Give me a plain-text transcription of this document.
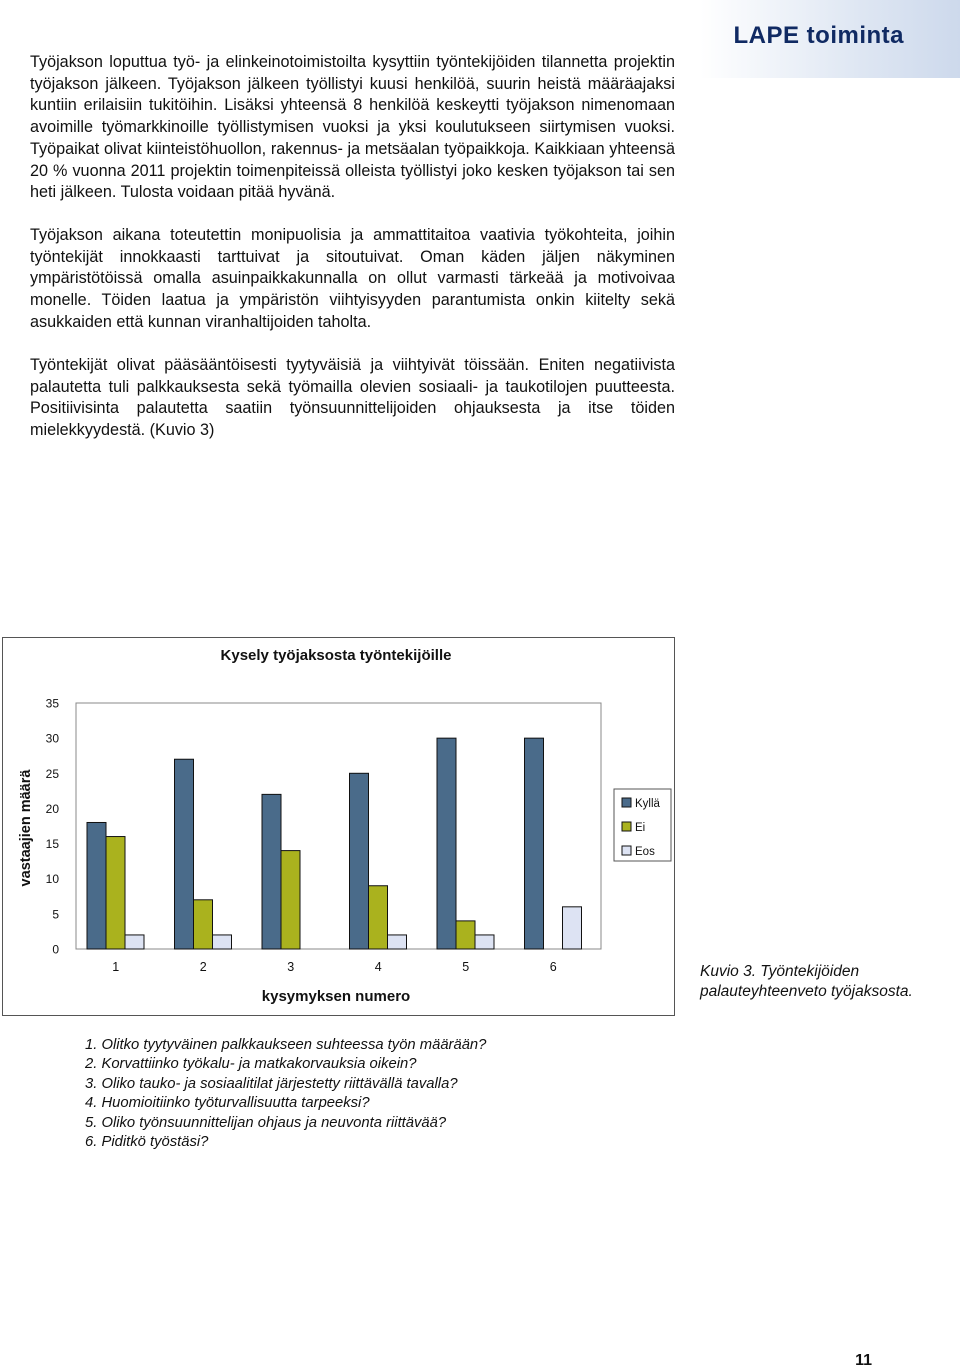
LAPE toiminta

Työjakson loputtua työ- ja elinkeinotoimistoilta kysyttiin työntekijöiden tilannetta projektin työjakson jälkeen. Työjakson jälkeen työllistyi kuusi henkilöä, suurin heistä määräajaksi kuntiin erilaisiin tukitöihin. Lisäksi yhteensä 8 henkilöä keskeytti työjakson nimenomaan avoimille työmarkkinoille työllistymisen vuoksi ja yksi koulutukseen siirtymisen vuoksi. Työpaikat olivat kiinteistöhuollon, rakennus- ja metsäalan työpaikkoja. Kaikkiaan yhteensä 20 % vuonna 2011 projektin toimenpiteissä olleista työllistyi joko kesken työjakson tai sen heti jälkeen. Tulosta voidaan pitää hyvänä.

Työjakson aikana toteutettin monipuolisia ja ammattitaitoa vaativia työkohteita, joihin työntekijät innokkaasti tarttuivat ja sitoutuivat. Oman käden jäljen näkyminen ympäristötöissä omalla asuinpaikkakunnalla on ollut varmasti tärkeää ja motivoivaa monelle. Töiden laatua ja ympäristön viihtyisyyden parantumista onkin kiitelty sekä asukkaiden että kunnan viranhaltijoiden taholta.

Työntekijät olivat pääsääntöisesti tyytyväisiä ja viihtyivät töissään. Eniten negatiivista palautetta tuli palkkauksesta sekä työmailla olevien sosiaali- ja taukotilojen puutteesta. Positiivisinta palautetta saatiin työnsuunnittelijoiden ohjauksesta ja itse töiden mielekkyydestä. (Kuvio 3)

Kysely työjaksosta työntekijöille
0
5
10
15
20
25
30
35
vastaajien määrä
1	2	3	4	5	6
kysymyksen numero
Kyllä
Ei
Eos
Kuvio 3. Työntekijöiden palauteyhteenveto työjaksosta.
1. Olitko tyytyväinen palkkaukseen suhteessa työn määrään?
2. Korvattiinko työkalu- ja matkakorvauksia oikein?
3. Oliko tauko- ja sosiaalitilat järjestetty riittävällä tavalla?
4. Huomioitiinko työturvallisuutta tarpeeksi?
5. Oliko työnsuunnittelijan ohjaus ja neuvonta riittävää?
6. Piditkö työstäsi?
11
